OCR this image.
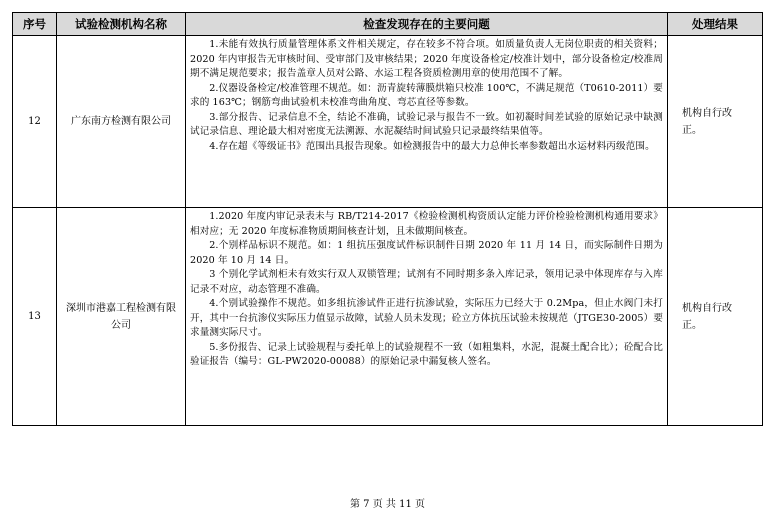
序号	试验检测机构名称	检查发现存在的主要问题	处理结果
12	广东南方检测有限公司	1.未能有效执行质量管理体系文件相关规定，存在较多不符合项。如质量负责人无岗位职责的相关资料；2020 年内审报告无审核时间、受审部门及审核结果；2020 年度设备检定/校准计划中，部分设备检定/校准周期不满足规范要求；报告盖章人员对公路、水运工程各资质检测用章的使用范围不了解。

2.仪器设备检定/校准管理不规范。如：沥青旋转薄膜烘箱只校准 100℃，不满足规范（T0610-2011）要求的 163℃；钢筋弯曲试验机未校准弯曲角度、弯芯直径等参数。

3.部分报告、记录信息不全，结论不准确，试验记录与报告不一致。如初凝时间差试验的原始记录中缺测试记录信息、理论最大相对密度无法溯源、水泥凝结时间试验只记录最终结果值等。

4.存在超《等级证书》范围出具报告现象。如检测报告中的最大力总伸长率参数超出水运材料丙级范围。	机构自行改正。
13	深圳市港嘉工程检测有限公司	1.2020 年度内审记录表未与 RB/T214-2017《检验检测机构资质认定能力评价检验检测机构通用要求》相对应；无 2020 年度标准物质期间核查计划，且未做期间核查。

2.个别样品标识不规范。如：1 组抗压强度试件标识制件日期 2020 年 11 月 14 日，而实际制件日期为 2020 年 10 月 14 日。

3 个别化学试剂柜未有效实行双人双锁管理；试剂有不同时期多条入库记录，领用记录中体现库存与入库记录不对应，动态管理不准确。

4.个别试验操作不规范。如多组抗渗试件正进行抗渗试验，实际压力已经大于 0.2Mpa，但止水阀门未打开，其中一台抗渗仪实际压力值显示故障，试验人员未发现；砼立方体抗压试验未按规范（JTGE30-2005）要求量测实际尺寸。

5.多份报告、记录上试验规程与委托单上的试验规程不一致（如粗集料，水泥，混凝土配合比）；砼配合比验证报告（编号：GL-PW2020-00088）的原始记录中漏复核人签名。	机构自行改正。
第 7 页 共 11 页
